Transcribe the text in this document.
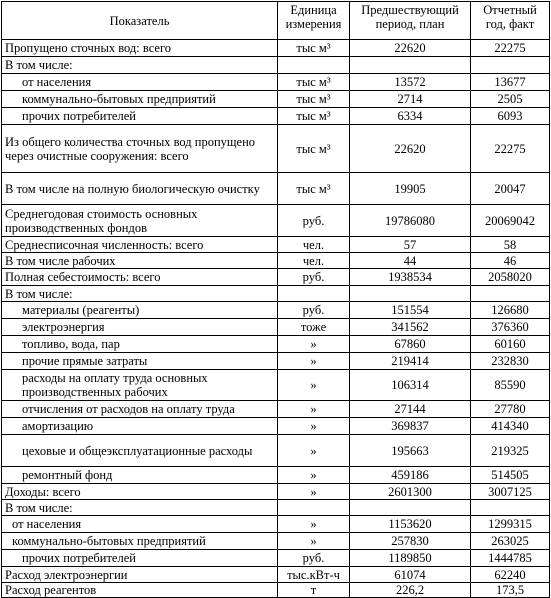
Показатель	Единица измерения	Предшествующий период, план	Отчетный год, факт
Пропущено сточных вод: всего	тыс м³	22620	22275
В том числе:			
от населения	тыс м³	13572	13677
коммунально-бытовых предприятий	тыс м³	2714	2505
прочих потребителей	тыс м³	6334	6093
Из общего количества сточных вод пропущено через очистные сооружения: всего	тыс м³	22620	22275
В том числе на полную биологическую очистку	тыс м³	19905	20047
Среднегодовая стоимость основных производственных фондов	руб.	19786080	20069042
Среднесписочная численность: всего	чел.	57	58
В том числе рабочих	чел.	44	46
Полная себестоимость: всего	руб.	1938534	2058020
В том числе:			
материалы (реагенты)	руб.	151554	126680
электроэнергия	тоже	341562	376360
топливо, вода, пар	»	67860	60160
прочие прямые затраты	»	219414	232830
расходы на оплату труда основных производственных рабочих	»	106314	85590
отчисления от расходов на оплату труда	»	27144	27780
амортизацию	»	369837	414340
цеховые и общеэксплуатационные расходы	»	195663	219325
ремонтный фонд	»	459186	514505
Доходы: всего	»	2601300	3007125
В том числе:			
от населения	»	1153620	1299315
коммунально-бытовых предприятий	»	257830	263025
прочих потребителей	руб.	1189850	1444785
Расход электроэнергии	тыс.кВт-ч	61074	62240
Расход реагентов	т	226,2	173,5
